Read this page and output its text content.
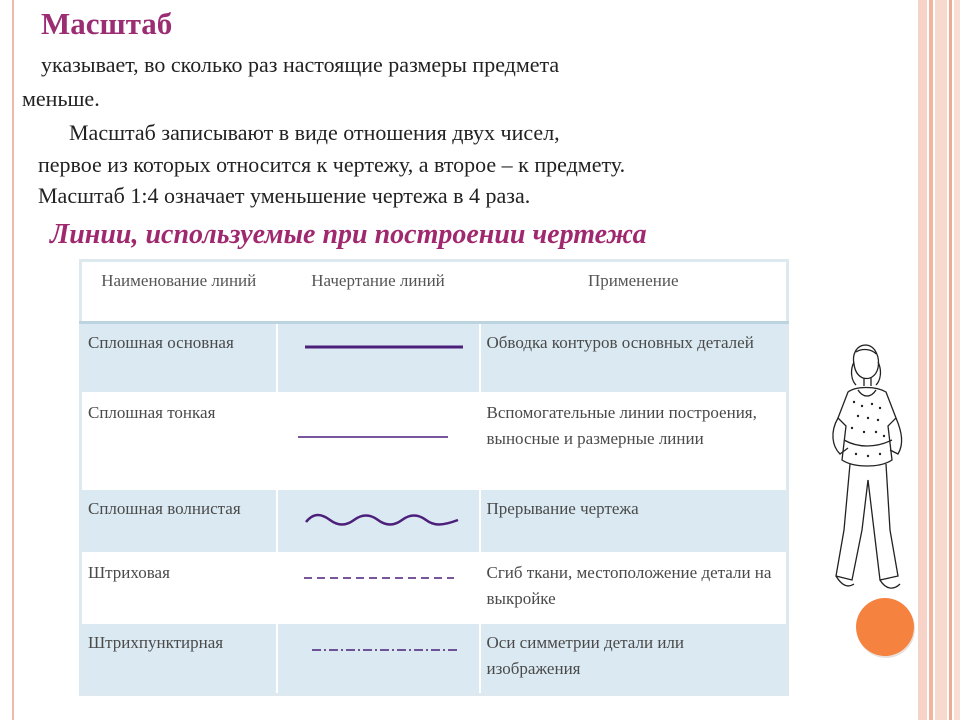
Масштаб
указывает, во сколько раз настоящие размеры предмета
меньше.
Масштаб записывают в виде отношения двух чисел,
первое из которых относится к чертежу, а второе – к предмету.
Масштаб 1:4 означает уменьшение чертежа в 4 раза.
Линии, используемые при построении чертежа
Наименование линий	Начертание линий	Применение
Сплошная основная		Обводка контуров основных деталей
Сплошная тонкая		Вспомогательные линии построения, выносные и размерные линии
Сплошная волнистая		Прерывание чертежа
Штриховая		Сгиб ткани, местоположение детали на выкройке
Штрихпунктирная		Оси симметрии детали или изображения
